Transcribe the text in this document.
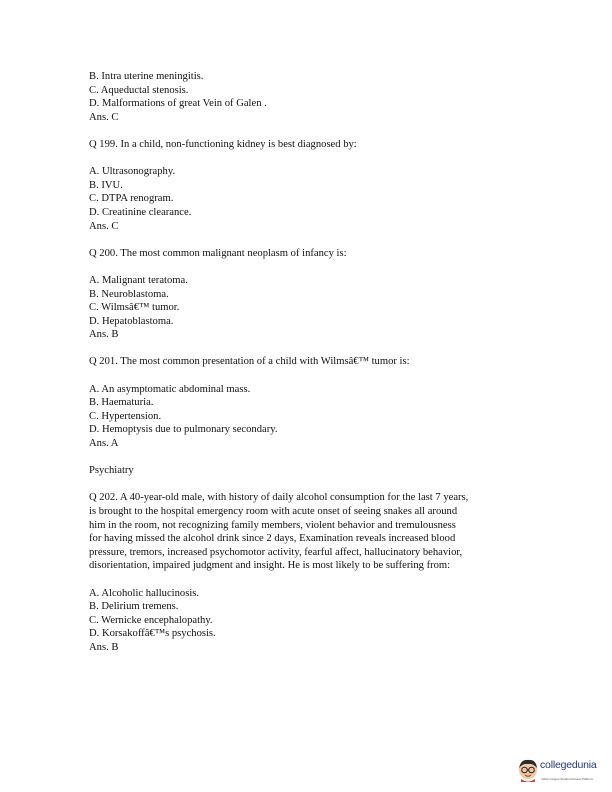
B. Intra uterine meningitis.
C. Aqueductal stenosis.
D. Malformations of great Vein of Galen .
Ans. C
Q 199. In a child, non-functioning kidney is best diagnosed by:
A. Ultrasonography.
B. IVU.
C. DTPA renogram.
D. Creatinine clearance.
Ans. C
Q 200. The most common malignant neoplasm of infancy is:
A. Malignant teratoma.
B. Neuroblastoma.
C. Wilmsâ€™ tumor.
D. Hepatoblastoma.
Ans. B
Q 201. The most common presentation of a child with Wilmsâ€™ tumor is:
A. An asymptomatic abdominal mass.
B. Haematuria.
C. Hypertension.
D. Hemoptysis due to pulmonary secondary.
Ans. A
Psychiatry
Q 202. A 40-year-old male, with history of daily alcohol consumption for the last 7 years,
is brought to the hospital emergency room with acute onset of seeing snakes all around
him in the room, not recognizing family members, violent behavior and tremulousness
for having missed the alcohol drink since 2 days, Examination reveals increased blood
pressure, tremors, increased psychomotor activity, fearful affect, hallucinatory behavior,
disorientation, impaired judgment and insight. He is most likely to be suffering from:
A. Alcoholic hallucinosis.
B. Delirium tremens.
C. Wernicke encephalopathy.
D. Korsakoffâ€™s psychosis.
Ans. B
collegedunia
India's largest Student Review Platform
